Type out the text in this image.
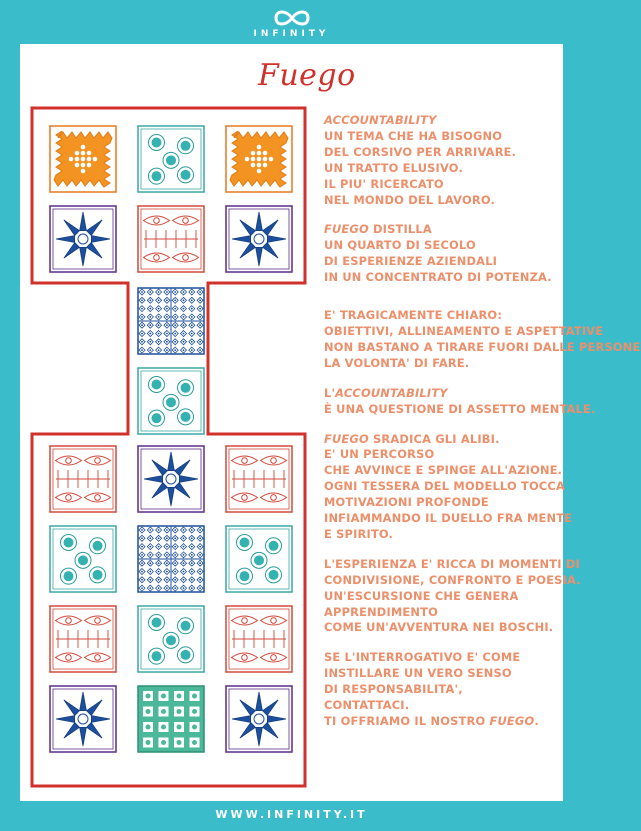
INFINITY
Fuego

ACCOUNTABILITY
UN TEMA CHE HA BISOGNO
DEL CORSIVO PER ARRIVARE.
UN TRATTO ELUSIVO.
IL PIU' RICERCATO
NEL MONDO DEL LAVORO.

FUEGO DISTILLA
UN QUARTO DI SECOLO
DI ESPERIENZE AZIENDALI
IN UN CONCENTRATO DI POTENZA.

E' TRAGICAMENTE CHIARO:
OBIETTIVI, ALLINEAMENTO E ASPETTATIVE
NON BASTANO A TIRARE FUORI DALLE PERSONE
LA VOLONTA' DI FARE.

L'ACCOUNTABILITY
È UNA QUESTIONE DI ASSETTO MENTALE.

FUEGO SRADICA GLI ALIBI.
E' UN PERCORSO
CHE AVVINCE E SPINGE ALL'AZIONE.
OGNI TESSERA DEL MODELLO TOCCA
MOTIVAZIONI PROFONDE
INFIAMMANDO IL DUELLO FRA MENTE
E SPIRITO.

L'ESPERIENZA E' RICCA DI MOMENTI DI
CONDIVISIONE, CONFRONTO E POESIA.
UN'ESCURSIONE CHE GENERA
APPRENDIMENTO
COME UN'AVVENTURA NEI BOSCHI.

SE L'INTERROGATIVO E' COME
INSTILLARE UN VERO SENSO
DI RESPONSABILITA',
CONTATTACI.
TI OFFRIAMO IL NOSTRO FUEGO.

WWW.INFINITY.IT
